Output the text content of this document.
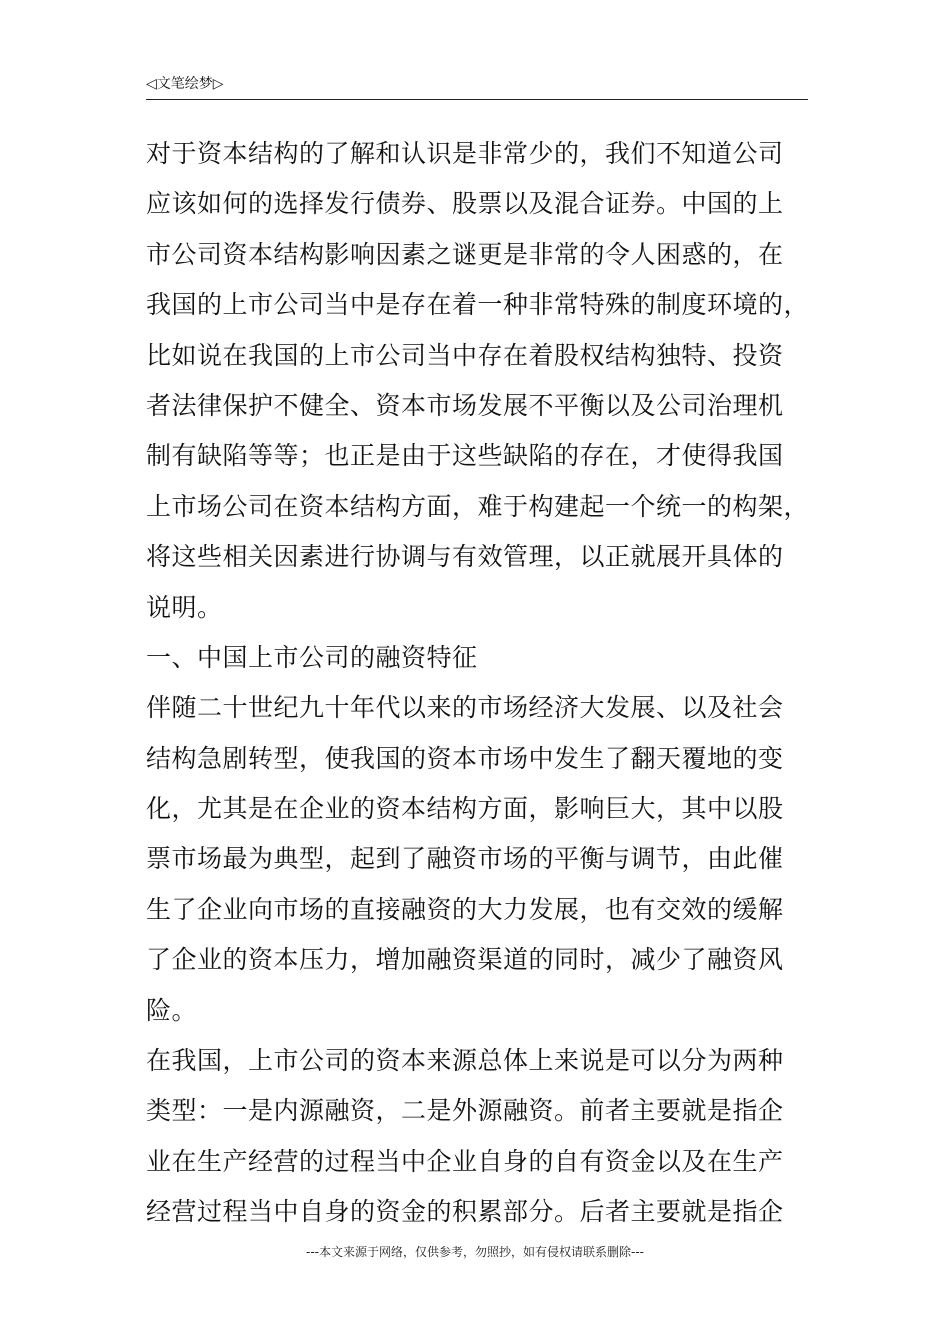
◁文笔绘梦▷
对于资本结构的了解和认识是非常少的，我们不知道公司
应该如何的选择发行债券、股票以及混合证券。中国的上
市公司资本结构影响因素之谜更是非常的令人困惑的，在
我国的上市公司当中是存在着一种非常特殊的制度环境的，
比如说在我国的上市公司当中存在着股权结构独特、投资
者法律保护不健全、资本市场发展不平衡以及公司治理机
制有缺陷等等；也正是由于这些缺陷的存在，才使得我国
上市场公司在资本结构方面，难于构建起一个统一的构架，
将这些相关因素进行协调与有效管理，以正就展开具体的
说明。
一、中国上市公司的融资特征
伴随二十世纪九十年代以来的市场经济大发展、以及社会
结构急剧转型，使我国的资本市场中发生了翻天覆地的变
化，尤其是在企业的资本结构方面，影响巨大，其中以股
票市场最为典型，起到了融资市场的平衡与调节，由此催
生了企业向市场的直接融资的大力发展，也有交效的缓解
了企业的资本压力，增加融资渠道的同时，减少了融资风
险。
在我国，上市公司的资本来源总体上来说是可以分为两种
类型：一是内源融资，二是外源融资。前者主要就是指企
业在生产经营的过程当中企业自身的自有资金以及在生产
经营过程当中自身的资金的积累部分。后者主要就是指企
---本文来源于网络，仅供参考，勿照抄，如有侵权请联系删除---
